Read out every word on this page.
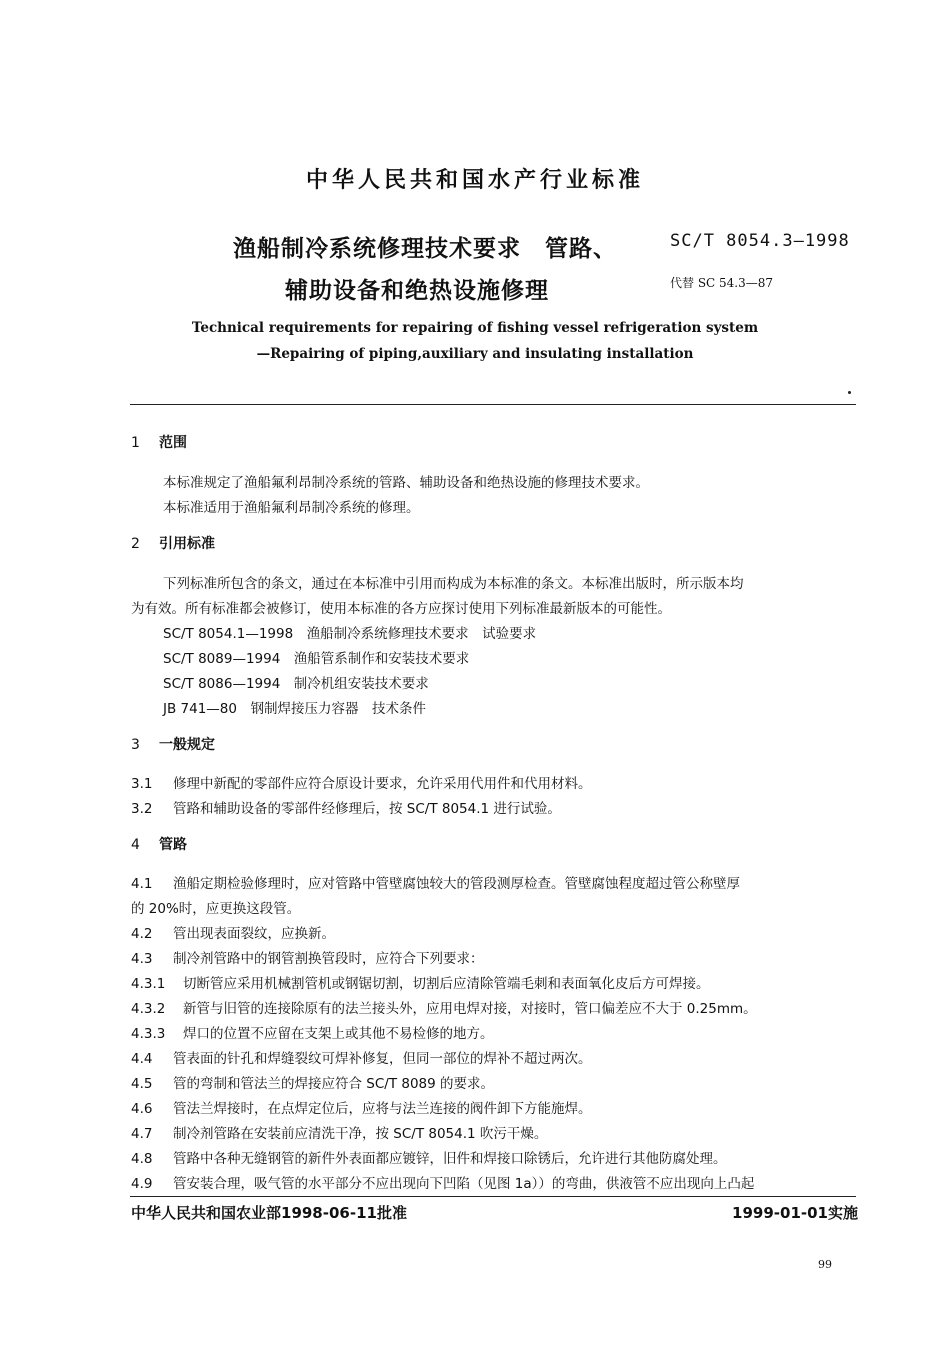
中华人民共和国水产行业标准
渔船制冷系统修理技术要求　管路、
辅助设备和绝热设施修理
SC/T 8054.3—1998
代替 SC 54.3—87
Technical requirements for repairing of fishing vessel refrigeration system
—Repairing of piping,auxiliary and insulating installation
1 范围
本标准规定了渔船氟利昂制冷系统的管路、辅助设备和绝热设施的修理技术要求。
本标准适用于渔船氟利昂制冷系统的修理。
2 引用标准
下列标准所包含的条文，通过在本标准中引用而构成为本标准的条文。本标准出版时，所示版本均
为有效。所有标准都会被修订，使用本标准的各方应探讨使用下列标准最新版本的可能性。
SC/T 8054.1—1998　渔船制冷系统修理技术要求　试验要求
SC/T 8089—1994　渔船管系制作和安装技术要求
SC/T 8086—1994　制冷机组安装技术要求
JB 741—80　钢制焊接压力容器　技术条件
3 一般规定
3.1 修理中新配的零部件应符合原设计要求，允许采用代用件和代用材料。
3.2 管路和辅助设备的零部件经修理后，按 SC/T 8054.1 进行试验。
4 管路
4.1 渔船定期检验修理时，应对管路中管壁腐蚀较大的管段测厚检查。管壁腐蚀程度超过管公称壁厚
的 20%时，应更换这段管。
4.2 管出现表面裂纹，应换新。
4.3 制冷剂管路中的钢管割换管段时，应符合下列要求：
4.3.1 切断管应采用机械割管机或钢锯切割，切割后应清除管端毛刺和表面氧化皮后方可焊接。
4.3.2 新管与旧管的连接除原有的法兰接头外，应用电焊对接，对接时，管口偏差应不大于 0.25mm。
4.3.3 焊口的位置不应留在支架上或其他不易检修的地方。
4.4 管表面的针孔和焊缝裂纹可焊补修复，但同一部位的焊补不超过两次。
4.5 管的弯制和管法兰的焊接应符合 SC/T 8089 的要求。
4.6 管法兰焊接时，在点焊定位后，应将与法兰连接的阀件卸下方能施焊。
4.7 制冷剂管路在安装前应清洗干净，按 SC/T 8054.1 吹污干燥。
4.8 管路中各种无缝钢管的新件外表面都应镀锌，旧件和焊接口除锈后，允许进行其他防腐处理。
4.9 管安装合理，吸气管的水平部分不应出现向下凹陷（见图 1a））的弯曲，供液管不应出现向上凸起
中华人民共和国农业部1998-06-11批准	1999-01-01实施
99
